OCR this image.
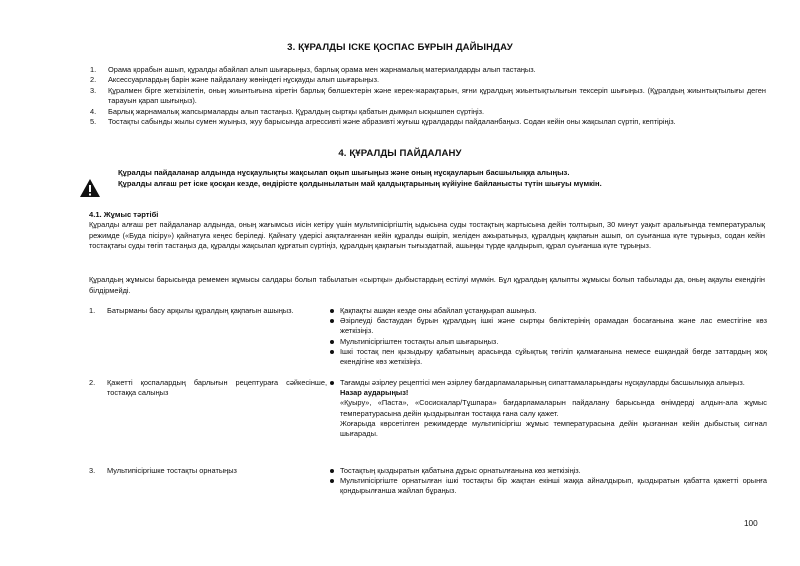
3. ҚҰРАЛДЫ ІСКЕ ҚОСПАС БҰРЫН ДАЙЫНДАУ
1. Орама қорабын ашып, құралды абайлап алып шығарыңыз, барлық орама мен жарнамалық материалдарды алып тастаңыз.
2. Аксессуарлардың барін және пайдалану жөніндегі нұсқауды алып шығарыңыз.
3. Құралмен бірге жеткізілетін, оның жиынтығына кіретін барлық бөлшектерін және керек-жарақтарын, яғни құралдың жиынтықтылығын тексеріп шығыңыз. (Құралдың жиынтықтылығы деген тарауын қарап шығыңыз).
4. Барлық жарнамалық жапсырмаларды алып тастаңыз. Құралдың сыртқы қабатын дымқыл ысқышпен сүртіңіз.
5. Тостақты сабынды жылы сумен жуыңыз, жуу барысында агрессивті және абразивті жуғыш құралдарды пайдаланбаңыз. Содан кейін оны жақсылап сүртіп, кептіріңіз.
4. ҚҰРАЛДЫ ПАЙДАЛАНУ
Құралды пайдаланар алдында нұсқаулықты жақсылап оқып шығыңыз және оның нұсқауларын басшылыққа алыңыз.
Құралды алғаш рет іске қосқан кезде, өндірісте қолдынылатын май қалдықтарының күйіуіне байланысты түтін шығуы мүмкін.
4.1. Жұмыс тәртібі
Құралды алғаш рет пайдаланар алдында, оның жағымсыз иісін кетіру үшін мультипісіргіштің ыдысына суды тостақтың жартысына дейін толтырып, 30 минут уақыт аралығында температуралық режимде («Буда пісіру») қайнатуға кеңес беріледі. Қайнату үдерісі аяқталғаннан кейін құралды өшіріп, желіден ажыратыңыз, құралдың қақпағын ашып, ол суығанша күте тұрыңыз, содан кейін тостақтағы суды төгіп тастаңыз да, құралды жақсылап құрғатып сүртіңіз, құралдың қақпағын тығыздатпай, ашыңқы түрде қалдырып, құрал суығанша күте тұрыңыз.
Құралдың жұмысы барысында ремемен жұмысы салдары болып табылатын «сыртқы» дыбыстардың естілуі мүмкін. Бұл құралдың қалыпты жұмысы болып табылады да, оның ақаулы екендігін білдірмейді.
1.	Батырманы басу арқылы құралдың қақпағын ашыңыз.	Қақпақты ашқан кезде оны абайлап ұстаңқырап ашыңыз.
Әзірлеуді бастаудан бұрын құралдың ішкі және сыртқы бөліктерінің орамадан босағанына және лас еместігіне көз жеткізіңіз.
Мультипісіргіштен тостақты алып шығарыңыз.
Ішкі тостақ пен қызыдыру қабатының арасында сұйықтық төгіліп қалмағанына немесе ешқандай бөгде заттардың жоқ екендігіне көз жеткізіңіз.
2.	Қажетті қоспалардың барлығын рецептураға сәйкесінше, тостаққа салыңыз
Тағамды әзірлеу рецептісі мен әзірлеу бағдарламаларының сипаттамаларындағы нұсқауларды басшылыққа алыңыз.
Назар аударыңыз!
«Қуыру», «Паста», «Сосискалар/Тұшпара» бағдарламаларын пайдалану барысында өнімдерді алдын-ала жұмыс температурасына дейін қыздырылған тостаққа ғана салу қажет.
Жоғарыда көрсетілген режимдерде мультипісіргіш жұмыс температурасына дейін қызғаннан кейін дыбыстық сигнал шығарады.
3.	Мультипісіргішке тостақты орнатыңыз	Тостақтың қыздыратын қабатына дұрыс орнатылғанына көз жеткізіңіз.
Мультипісіргіште орнатылған ішкі тостақты бір жақтан екінші жаққа айналдырып, қыздыратын қабатта қажетті орынға қондырылғанша жайлап бұраңыз.
100
